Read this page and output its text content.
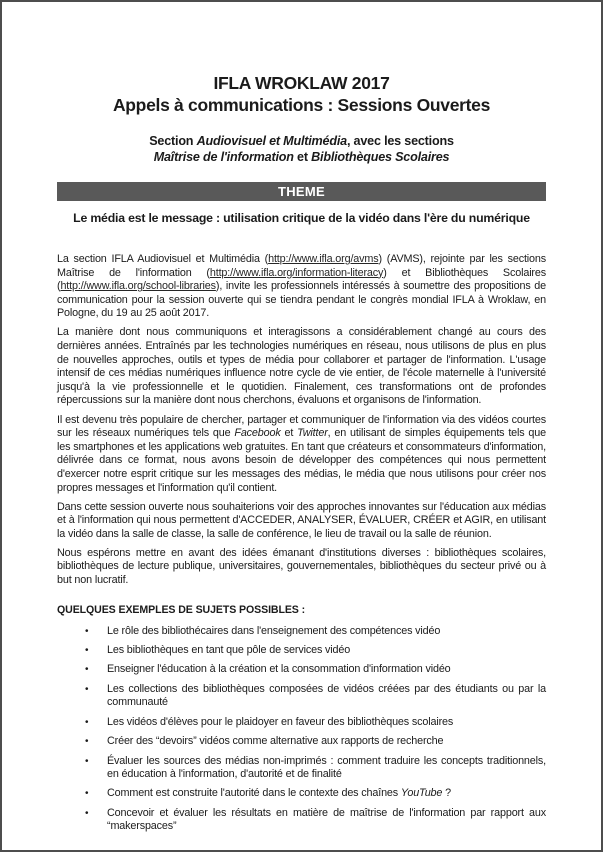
IFLA WROKLAW 2017
Appels à communications : Sessions Ouvertes
Section Audiovisuel et Multimédia, avec les sections
Maîtrise de l'information et Bibliothèques Scolaires
THEME
Le média est le message : utilisation critique de la vidéo dans l'ère du numérique

La section IFLA Audiovisuel et Multimédia (http://www.ifla.org/avms) (AVMS), rejointe par les sections Maîtrise de l'information (http://www.ifla.org/information-literacy) et Bibliothèques Scolaires (http://www.ifla.org/school-libraries), invite les professionnels intéressés à soumettre des propositions de communication pour la session ouverte qui se tiendra pendant le congrès mondial IFLA à Wroklaw, en Pologne, du 19 au 25 août 2017.

La manière dont nous communiquons et interagissons a considérablement changé au cours des dernières années. Entraînés par les technologies numériques en réseau, nous utilisons de plus en plus de nouvelles approches, outils et types de média pour collaborer et partager de l'information. L'usage intensif de ces médias numériques influence notre cycle de vie entier, de l'école maternelle à l'université jusqu'à la vie professionnelle et le quotidien. Finalement, ces transformations ont de profondes répercussions sur la manière dont nous cherchons, évaluons et organisons de l'information.

Il est devenu très populaire de chercher, partager et communiquer de l'information via des vidéos courtes sur les réseaux numériques tels que Facebook et Twitter, en utilisant de simples équipements tels que les smartphones et les applications web gratuites. En tant que créateurs et consommateurs d'information, délivrée dans ce format, nous avons besoin de développer des compétences qui nous permettent d'exercer notre esprit critique sur les messages des médias, le média que nous utilisons pour créer nos propres messages et l'information qu'il contient.

Dans cette session ouverte nous souhaiterions voir des approches innovantes sur l'éducation aux médias et à l'information qui nous permettent d'ACCEDER, ANALYSER, ÉVALUER, CRÉER et AGIR, en utilisant la vidéo dans la salle de classe, la salle de conférence, le lieu de travail ou la salle de réunion.

Nous espérons mettre en avant des idées émanant d'institutions diverses : bibliothèques scolaires, bibliothèques de lecture publique, universitaires, gouvernementales, bibliothèques du secteur privé ou à but non lucratif.

QUELQUES EXEMPLES DE SUJETS POSSIBLES :
•	Le rôle des bibliothécaires dans l'enseignement des compétences vidéo
•	Les bibliothèques en tant que pôle de services vidéo
•	Enseigner l'éducation à la création et la consommation d'information vidéo
•	Les collections des bibliothèques composées de vidéos créées par des étudiants ou par la communauté
•	Les vidéos d'élèves pour le plaidoyer en faveur des bibliothèques scolaires
•	Créer des “devoirs” vidéos comme alternative aux rapports de recherche
•	Évaluer les sources des médias non-imprimés : comment traduire les concepts traditionnels, en éducation à l'information, d'autorité et de finalité
•	Comment est construite l'autorité dans le contexte des chaînes YouTube ?
•	Concevoir et évaluer les résultats en matière de maîtrise de l'information par rapport aux “makerspaces”
